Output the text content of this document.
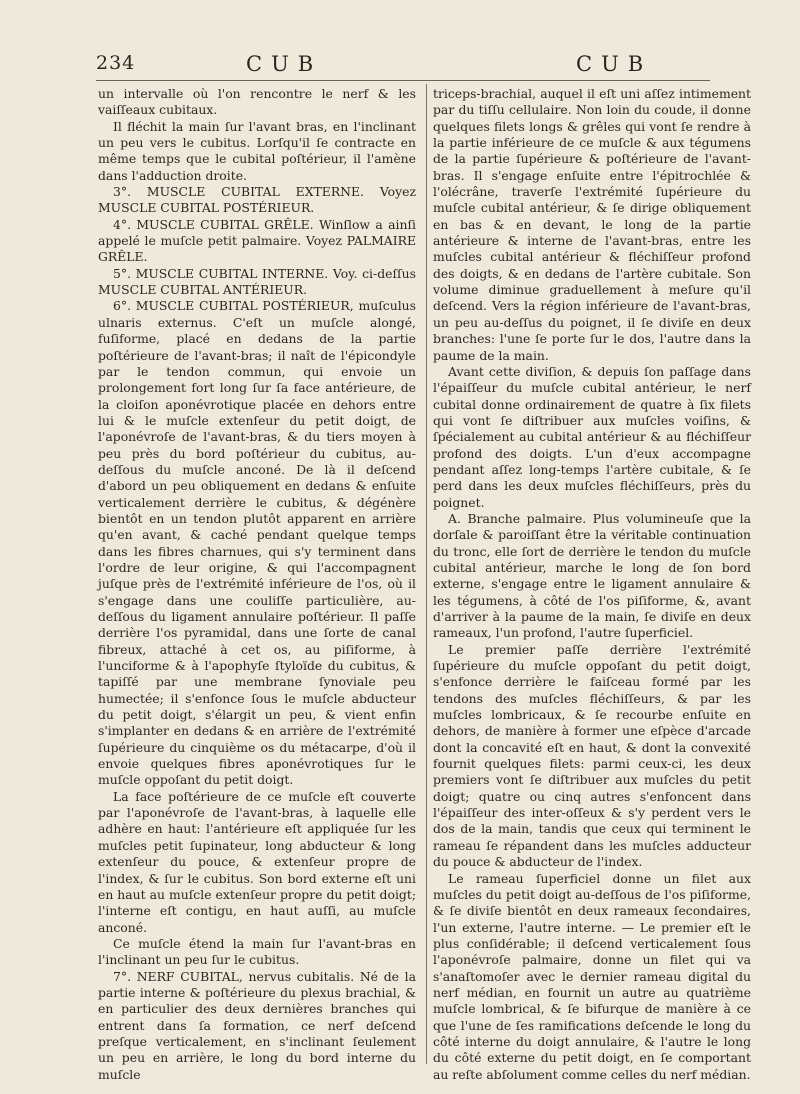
234	CUB	CUB

un intervalle où l'on rencontre le nerf & les vaiſſeaux cubitaux.

Il fléchit la main ſur l'avant bras, en l'inclinant un peu vers le cubitus. Lorſqu'il ſe contracte en même temps que le cubital poſtérieur, il l'amène dans l'adduction droite.

3°. MUSCLE CUBITAL EXTERNE. Voyez MUSCLE CUBITAL POSTÉRIEUR.

4°. MUSCLE CUBITAL GRÊLE. Winſlow a ainſi appelé le muſcle petit palmaire. Voyez PALMAIRE GRÊLE.

5°. MUSCLE CUBITAL INTERNE. Voy. ci-deſſus MUSCLE CUBITAL ANTÉRIEUR.

6°. MUSCLE CUBITAL POSTÉRIEUR, muſculus ulnaris externus. C'eſt un muſcle alongé, fuſiforme, placé en dedans de la partie poſtérieure de l'avant-bras; il naît de l'épicondyle par le tendon commun, qui envoie un prolongement fort long ſur ſa face antérieure, de la cloiſon aponévrotique placée en dehors entre lui & le muſcle extenſeur du petit doigt, de l'aponévroſe de l'avant-bras, & du tiers moyen à peu près du bord poſtérieur du cubitus, au-deſſous du muſcle anconé. De là il deſcend d'abord un peu obliquement en dedans & enſuite verticalement derrière le cubitus, & dégénère bientôt en un tendon plutôt apparent en arrière qu'en avant, & caché pendant quelque temps dans les fibres charnues, qui s'y terminent dans l'ordre de leur origine, & qui l'accompagnent juſque près de l'extrémité inférieure de l'os, où il s'engage dans une couliſſe particulière, au-deſſous du ligament annulaire poſtérieur. Il paſſe derrière l'os pyramidal, dans une ſorte de canal fibreux, attaché à cet os, au piſiforme, à l'unciforme & à l'apophyſe ſtyloïde du cubitus, & tapiſſé par une membrane ſynoviale peu humectée; il s'enfonce ſous le muſcle abducteur du petit doigt, s'élargit un peu, & vient enfin s'implanter en dedans & en arrière de l'extrémité ſupérieure du cinquième os du métacarpe, d'où il envoie quelques fibres aponévrotiques ſur le muſcle oppoſant du petit doigt.

La face poſtérieure de ce muſcle eſt couverte par l'aponévroſe de l'avant-bras, à laquelle elle adhère en haut: l'antérieure eſt appliquée ſur les muſcles petit ſupinateur, long abducteur & long extenſeur du pouce, & extenſeur propre de l'index, & ſur le cubitus. Son bord externe eſt uni en haut au muſcle extenſeur propre du petit doigt; l'interne eſt contigu, en haut auſſi, au muſcle anconé.

Ce muſcle étend la main ſur l'avant-bras en l'inclinant un peu ſur le cubitus.

7°. NERF CUBITAL, nervus cubitalis. Né de la partie interne & poſtérieure du plexus brachial, & en particulier des deux dernières branches qui entrent dans ſa formation, ce nerf deſcend preſque verticalement, en s'inclinant ſeulement un peu en arrière, le long du bord interne du muſcle

triceps-brachial, auquel il eſt uni aſſez intimement par du tiſſu cellulaire. Non loin du coude, il donne quelques filets longs & grêles qui vont ſe rendre à la partie inférieure de ce muſcle & aux tégumens de la partie ſupérieure & poſtérieure de l'avant-bras. Il s'engage enſuite entre l'épitrochlée & l'olécrâne, traverſe l'extrémité ſupérieure du muſcle cubital antérieur, & ſe dirige obliquement en bas & en devant, le long de la partie antérieure & interne de l'avant-bras, entre les muſcles cubital antérieur & fléchiſſeur profond des doigts, & en dedans de l'artère cubitale. Son volume diminue graduellement à meſure qu'il deſcend. Vers la région inférieure de l'avant-bras, un peu au-deſſus du poignet, il ſe diviſe en deux branches: l'une ſe porte ſur le dos, l'autre dans la paume de la main.

Avant cette diviſion, & depuis ſon paſſage dans l'épaiſſeur du muſcle cubital antérieur, le nerf cubital donne ordinairement de quatre à ſix filets qui vont ſe diſtribuer aux muſcles voiſins, & ſpécialement au cubital antérieur & au fléchiſſeur profond des doigts. L'un d'eux accompagne pendant aſſez long-temps l'artère cubitale, & ſe perd dans les deux muſcles fléchiſſeurs, près du poignet.

A. Branche palmaire. Plus volumineuſe que la dorſale & paroiſſant être la véritable continuation du tronc, elle ſort de derrière le tendon du muſcle cubital antérieur, marche le long de ſon bord externe, s'engage entre le ligament annulaire & les tégumens, à côté de l'os piſiforme, &, avant d'arriver à la paume de la main, ſe diviſe en deux rameaux, l'un profond, l'autre ſuperficiel.

Le premier paſſe derrière l'extrémité ſupérieure du muſcle oppoſant du petit doigt, s'enfonce derrière le faiſceau formé par les tendons des muſcles fléchiſſeurs, & par les muſcles lombricaux, & ſe recourbe enſuite en dehors, de manière à former une eſpèce d'arcade dont la concavité eſt en haut, & dont la convexité fournit quelques filets: parmi ceux-ci, les deux premiers vont ſe diſtribuer aux muſcles du petit doigt; quatre ou cinq autres s'enfoncent dans l'épaiſſeur des inter-oſſeux & s'y perdent vers le dos de la main, tandis que ceux qui terminent le rameau ſe répandent dans les muſcles adducteur du pouce & abducteur de l'index.

Le rameau ſuperficiel donne un filet aux muſcles du petit doigt au-deſſous de l'os piſiforme, & ſe diviſe bientôt en deux rameaux ſecondaires, l'un externe, l'autre interne. — Le premier eſt le plus conſidérable; il deſcend verticalement ſous l'aponévroſe palmaire, donne un filet qui va s'anaſtomoſer avec le dernier rameau digital du nerf médian, en fournit un autre au quatrième muſcle lombrical, & ſe bifurque de manière à ce que l'une de ſes ramifications deſcende le long du côté interne du doigt annulaire, & l'autre le long du côté externe du petit doigt, en ſe comportant au reſte abſolument comme celles du nerf médian.
